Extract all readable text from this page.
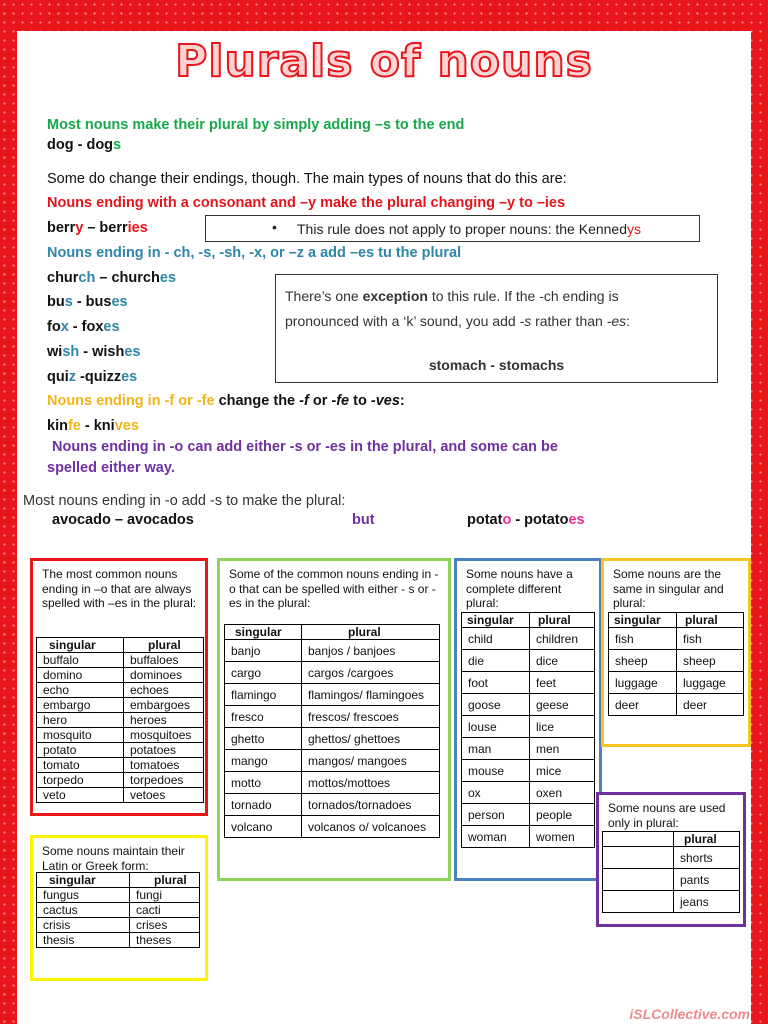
Plurals of nouns
Most nouns make their plural by simply adding –s to the end
dog - dogs
Some do change their endings, though. The main types of nouns that do this are:
Nouns ending with a consonant and –y make the plural changing –y to –ies
berry – berries	• This rule does not apply to proper nouns: the Kennedys
Nouns ending in - ch, -s, -sh, -x, or –z a add –es tu the plural
church – churches
bus - buses
fox - foxes
wish - wishes
quiz -quizzes
There’s one exception to this rule. If the -ch ending is
pronounced with a ‘k’ sound, you add -s rather than -es:
stomach - stomachs
Nouns ending in -f or -fe change the -f or -fe to -ves:
kinfe - knives
Nouns ending in -o can add either -s or -es in the plural, and some can be
spelled either way.
Most nouns ending in -o add -s to make the plural:
avocado – avocados	but	potato - potatoes
The most common nouns ending in –o that are always spelled with –es in the plural:
singular	plural
buffalo	buffaloes
domino	dominoes
echo	echoes
embargo	embargoes
hero	heroes
mosquito	mosquitoes
potato	potatoes
tomato	tomatoes
torpedo	torpedoes
veto	vetoes
Some of the common nouns ending in -o that can be spelled with either - s or -es in the plural:
singular	plural
banjo	banjos / banjoes
cargo	cargos /cargoes
flamingo	flamingos/ flamingoes
fresco	frescos/ frescoes
ghetto	ghettos/ ghettoes
mango	mangos/ mangoes
motto	mottos/mottoes
tornado	tornados/tornadoes
volcano	volcanos o/ volcanoes
Some nouns have a complete different plural:
singular	plural
child	children
die	dice
foot	feet
goose	geese
louse	lice
man	men
mouse	mice
ox	oxen
person	people
woman	women
Some nouns are the same in singular and plural:
singular	plural
fish	fish
sheep	sheep
luggage	luggage
deer	deer
Some nouns maintain their Latin or Greek form:
singular	plural
fungus	fungi
cactus	cacti
crisis	crises
thesis	theses
Some nouns are used only in plural:
	plural
	shorts
	pants
	jeans
iSLCollective.com
